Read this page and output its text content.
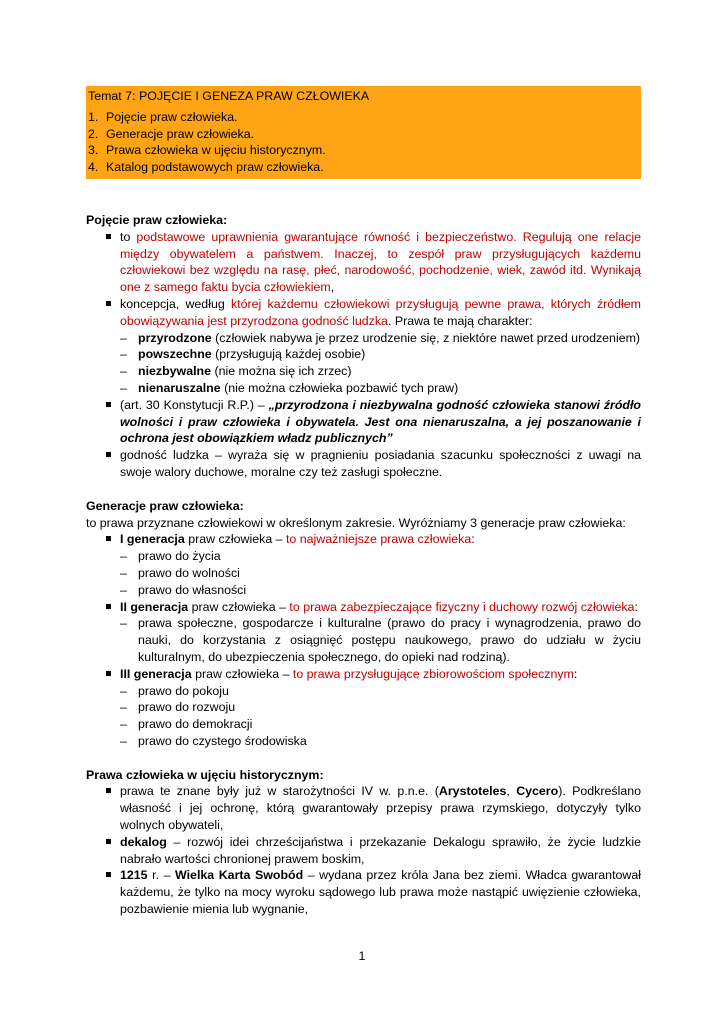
Temat 7: POJĘCIE I GENEZA PRAW CZŁOWIEKA
1. Pojęcie praw człowieka.
2. Generacje praw człowieka.
3. Prawa człowieka w ujęciu historycznym.
4. Katalog podstawowych praw człowieka.
Pojęcie praw człowieka:
to podstawowe uprawnienia gwarantujące równość i bezpieczeństwo. Regulują one relacje między obywatelem a państwem. Inaczej, to zespół praw przysługujących każdemu człowiekowi bez względu na rasę, płeć, narodowość, pochodzenie, wiek, zawód itd. Wynikają one z samego faktu bycia człowiekiem,
koncepcja, według której każdemu człowiekowi przysługują pewne prawa, których źródłem obowiązywania jest przyrodzona godność ludzka. Prawa te mają charakter:
– przyrodzone (człowiek nabywa je przez urodzenie się, z niektóre nawet przed urodzeniem)
– powszechne (przysługują każdej osobie)
– niezbywalne (nie można się ich zrzec)
– nienaruszalne (nie można człowieka pozbawić tych praw)
(art. 30 Konstytucji R.P.) – „przyrodzona i niezbywalna godność człowieka stanowi źródło wolności i praw człowieka i obywatela. Jest ona nienaruszalna, a jej poszanowanie i ochrona jest obowiązkiem władz publicznych”
godność ludzka – wyraża się w pragnieniu posiadania szacunku społeczności z uwagi na swoje walory duchowe, moralne czy też zasługi społeczne.
Generacje praw człowieka:
to prawa przyznane człowiekowi w określonym zakresie. Wyróżniamy 3 generacje praw człowieka:
I generacja praw człowieka – to najważniejsze prawa człowieka:
– prawo do życia
– prawo do wolności
– prawo do własności
II generacja praw człowieka – to prawa zabezpieczające fizyczny i duchowy rozwój człowieka:
– prawa społeczne, gospodarcze i kulturalne (prawo do pracy i wynagrodzenia, prawo do nauki, do korzystania z osiągnięć postępu naukowego, prawo do udziału w życiu kulturalnym, do ubezpieczenia społecznego, do opieki nad rodziną).
III generacja praw człowieka – to prawa przysługujące zbiorowościom społecznym:
– prawo do pokoju
– prawo do rozwoju
– prawo do demokracji
– prawo do czystego środowiska
Prawa człowieka w ujęciu historycznym:
prawa te znane były już w starożytności IV w. p.n.e. (Arystoteles, Cycero). Podkreślano własność i jej ochronę, którą gwarantowały przepisy prawa rzymskiego, dotyczyły tylko wolnych obywateli,
dekalog – rozwój idei chrześcijaństwa i przekazanie Dekalogu sprawiło, że życie ludzkie nabrało wartości chronionej prawem boskim,
1215 r. – Wielka Karta Swobód – wydana przez króla Jana bez ziemi. Władca gwarantował każdemu, że tylko na mocy wyroku sądowego lub prawa może nastąpić uwięzienie człowieka, pozbawienie mienia lub wygnanie,
1
